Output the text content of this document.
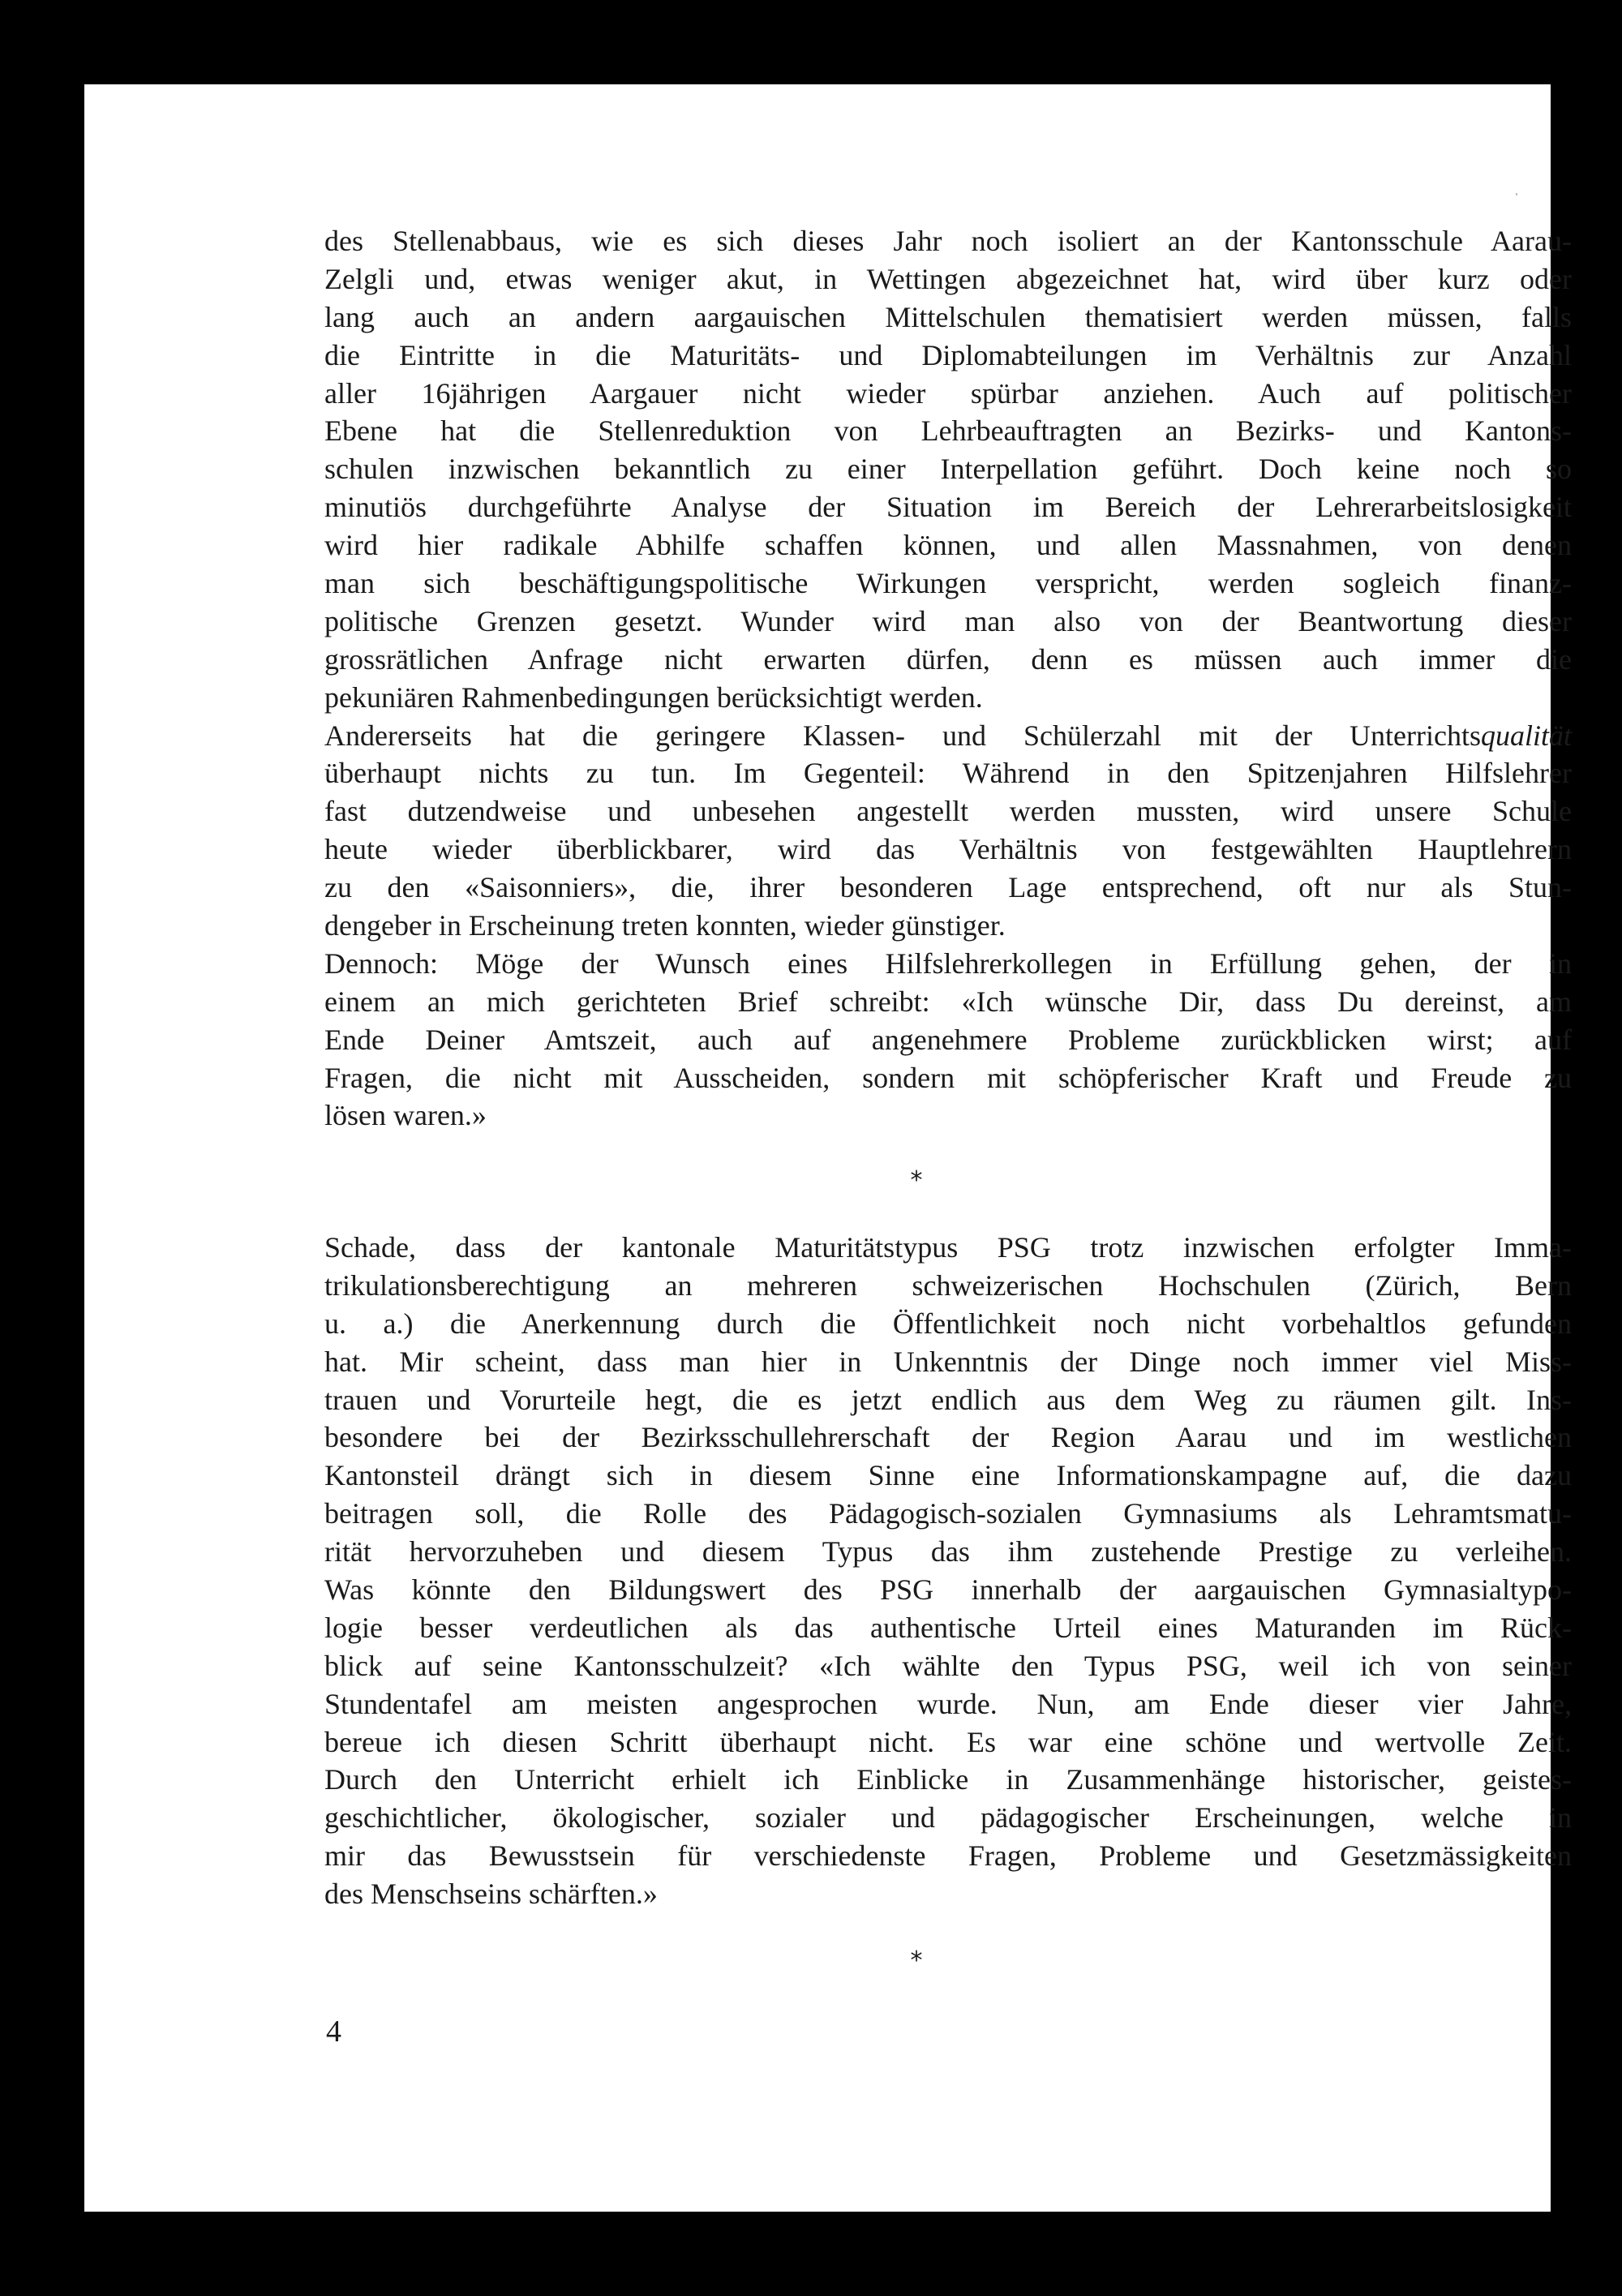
des Stellenabbaus, wie es sich dieses Jahr noch isoliert an der Kantonsschule Aarau-
Zelgli und, etwas weniger akut, in Wettingen abgezeichnet hat, wird über kurz oder
lang auch an andern aargauischen Mittelschulen thematisiert werden müssen, falls
die Eintritte in die Maturitäts- und Diplomabteilungen im Verhältnis zur Anzahl
aller 16jährigen Aargauer nicht wieder spürbar anziehen. Auch auf politischer
Ebene hat die Stellenreduktion von Lehrbeauftragten an Bezirks- und Kantons-
schulen inzwischen bekanntlich zu einer Interpellation geführt. Doch keine noch so
minutiös durchgeführte Analyse der Situation im Bereich der Lehrerarbeitslosigkeit
wird hier radikale Abhilfe schaffen können, und allen Massnahmen, von denen
man sich beschäftigungspolitische Wirkungen verspricht, werden sogleich finanz-
politische Grenzen gesetzt. Wunder wird man also von der Beantwortung dieser
grossrätlichen Anfrage nicht erwarten dürfen, denn es müssen auch immer die
pekuniären Rahmenbedingungen berücksichtigt werden.
Andererseits hat die geringere Klassen- und Schülerzahl mit der Unterrichtsqualität
überhaupt nichts zu tun. Im Gegenteil: Während in den Spitzenjahren Hilfslehrer
fast dutzendweise und unbesehen angestellt werden mussten, wird unsere Schule
heute wieder überblickbarer, wird das Verhältnis von festgewählten Hauptlehrern
zu den «Saisonniers», die, ihrer besonderen Lage entsprechend, oft nur als Stun-
dengeber in Erscheinung treten konnten, wieder günstiger.
Dennoch: Möge der Wunsch eines Hilfslehrerkollegen in Erfüllung gehen, der in
einem an mich gerichteten Brief schreibt: «Ich wünsche Dir, dass Du dereinst, am
Ende Deiner Amtszeit, auch auf angenehmere Probleme zurückblicken wirst; auf
Fragen, die nicht mit Ausscheiden, sondern mit schöpferischer Kraft und Freude zu
lösen waren.»
*
Schade, dass der kantonale Maturitätstypus PSG trotz inzwischen erfolgter Imma-
trikulationsberechtigung an mehreren schweizerischen Hochschulen (Zürich, Bern
u. a.) die Anerkennung durch die Öffentlichkeit noch nicht vorbehaltlos gefunden
hat. Mir scheint, dass man hier in Unkenntnis der Dinge noch immer viel Miss-
trauen und Vorurteile hegt, die es jetzt endlich aus dem Weg zu räumen gilt. Ins-
besondere bei der Bezirksschullehrerschaft der Region Aarau und im westlichen
Kantonsteil drängt sich in diesem Sinne eine Informationskampagne auf, die dazu
beitragen soll, die Rolle des Pädagogisch-sozialen Gymnasiums als Lehramtsmatu-
rität hervorzuheben und diesem Typus das ihm zustehende Prestige zu verleihen.
Was könnte den Bildungswert des PSG innerhalb der aargauischen Gymnasialtypo-
logie besser verdeutlichen als das authentische Urteil eines Maturanden im Rück-
blick auf seine Kantonsschulzeit? «Ich wählte den Typus PSG, weil ich von seiner
Stundentafel am meisten angesprochen wurde. Nun, am Ende dieser vier Jahre,
bereue ich diesen Schritt überhaupt nicht. Es war eine schöne und wertvolle Zeit.
Durch den Unterricht erhielt ich Einblicke in Zusammenhänge historischer, geistes-
geschichtlicher, ökologischer, sozialer und pädagogischer Erscheinungen, welche in
mir das Bewusstsein für verschiedenste Fragen, Probleme und Gesetzmässigkeiten
des Menschseins schärften.»
*
4
